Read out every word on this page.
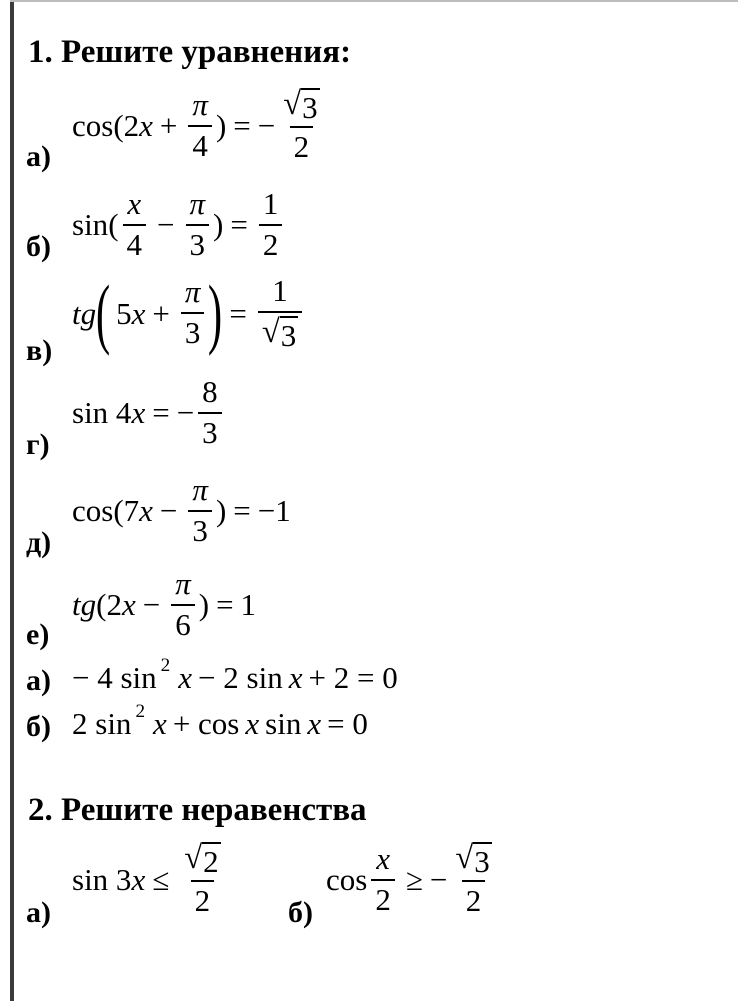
1. Решите уравнения:
а)
cos (2 $x + \frac{\pi}{4}$ ) = − $\frac{√ 3}{2}$
б)
sin ( $\frac{x}{4} - \frac{\pi}{3}$ ) = $\frac{1}{2}$
в)
tg ( 5 $x + \frac{\pi}{3}$ ) = $\frac{1}{√ 3}$
г)
sin 4 x = − $\frac{8}{3}$
д)
cos (7 $x - \frac{\pi}{3}$ ) = −1
е)
tg (2 $x - \frac{\pi}{6}$ ) = 1
а) − 4 sin 2 x − 2 sin x + 2 = 0
б) 2 sin 2 x + cos x sin x = 0
2. Решите неравенства
а)
sin 3 $x \le \frac{√ 2}{2} б$)
$\cos \frac{x}{2}$ ≥ − $\frac{√ 3}{2}$
